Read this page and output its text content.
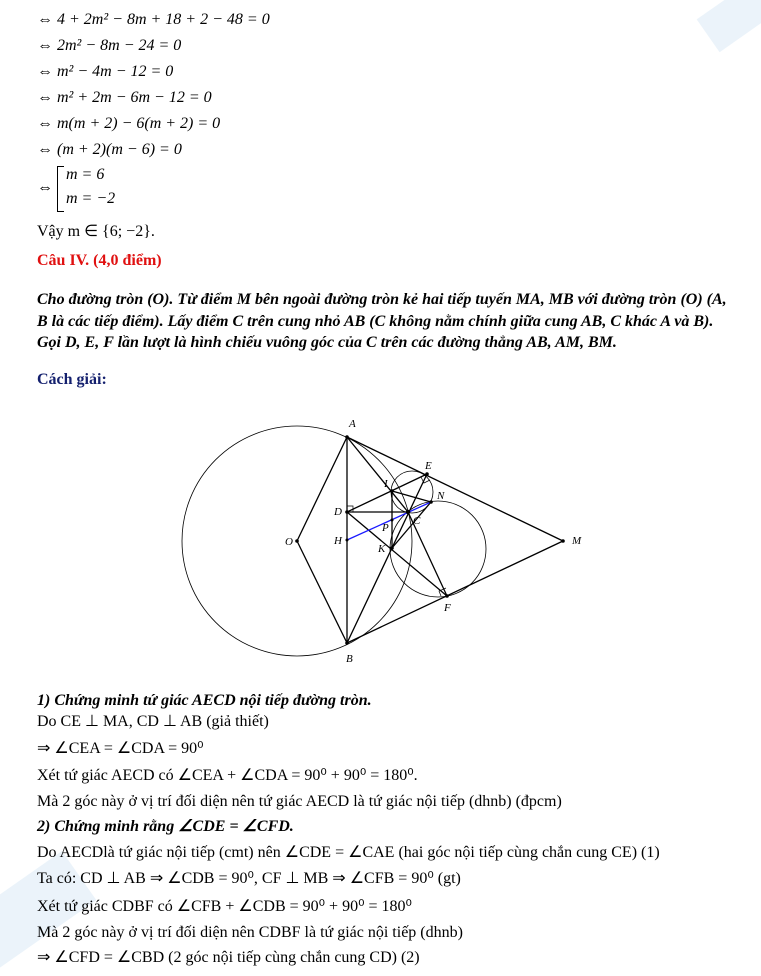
⇔ 4 + 2m² − 8m + 18 + 2 − 48 = 0
⇔ 2m² − 8m − 24 = 0
⇔ m² − 4m − 12 = 0
⇔ m² + 2m − 6m − 12 = 0
⇔ m(m + 2) − 6(m + 2) = 0
⇔ (m + 2)(m − 6) = 0
⇔
m = 6
m = −2
Vậy m ∈ {6; −2}.
Câu IV. (4,0 điểm)
Cho đường tròn (O). Từ điểm M bên ngoài đường tròn kẻ hai tiếp tuyến MA, MB với đường tròn (O) (A,
B là các tiếp điểm). Lấy điểm C trên cung nhỏ AB (C không nằm chính giữa cung AB, C khác A và B).
Gọi D, E, F lần lượt là hình chiếu vuông góc của C trên các đường thẳng AB, AM, BM.
Cách giải:
A
B
O	M
E
I
N
D
C
P
H
K
F
1) Chứng minh tứ giác AECD nội tiếp đường tròn.
Do CE ⊥ MA, CD ⊥ AB (giả thiết)
⇒ ∠CEA = ∠CDA = 90⁰
Xét tứ giác AECD có ∠CEA + ∠CDA = 90⁰ + 90⁰ = 180⁰.
Mà 2 góc này ở vị trí đối diện nên tứ giác AECD là tứ giác nội tiếp (dhnb) (đpcm)
2) Chứng minh rằng ∠CDE = ∠CFD.
Do AECDlà tứ giác nội tiếp (cmt) nên ∠CDE = ∠CAE (hai góc nội tiếp cùng chắn cung CE) (1)
Ta có: CD ⊥ AB ⇒ ∠CDB = 90⁰, CF ⊥ MB ⇒ ∠CFB = 90⁰ (gt)
Xét tứ giác CDBF có ∠CFB + ∠CDB = 90⁰ + 90⁰ = 180⁰
Mà 2 góc này ở vị trí đối diện nên CDBF là tứ giác nội tiếp (dhnb)
⇒ ∠CFD = ∠CBD (2 góc nội tiếp cùng chắn cung CD) (2)
